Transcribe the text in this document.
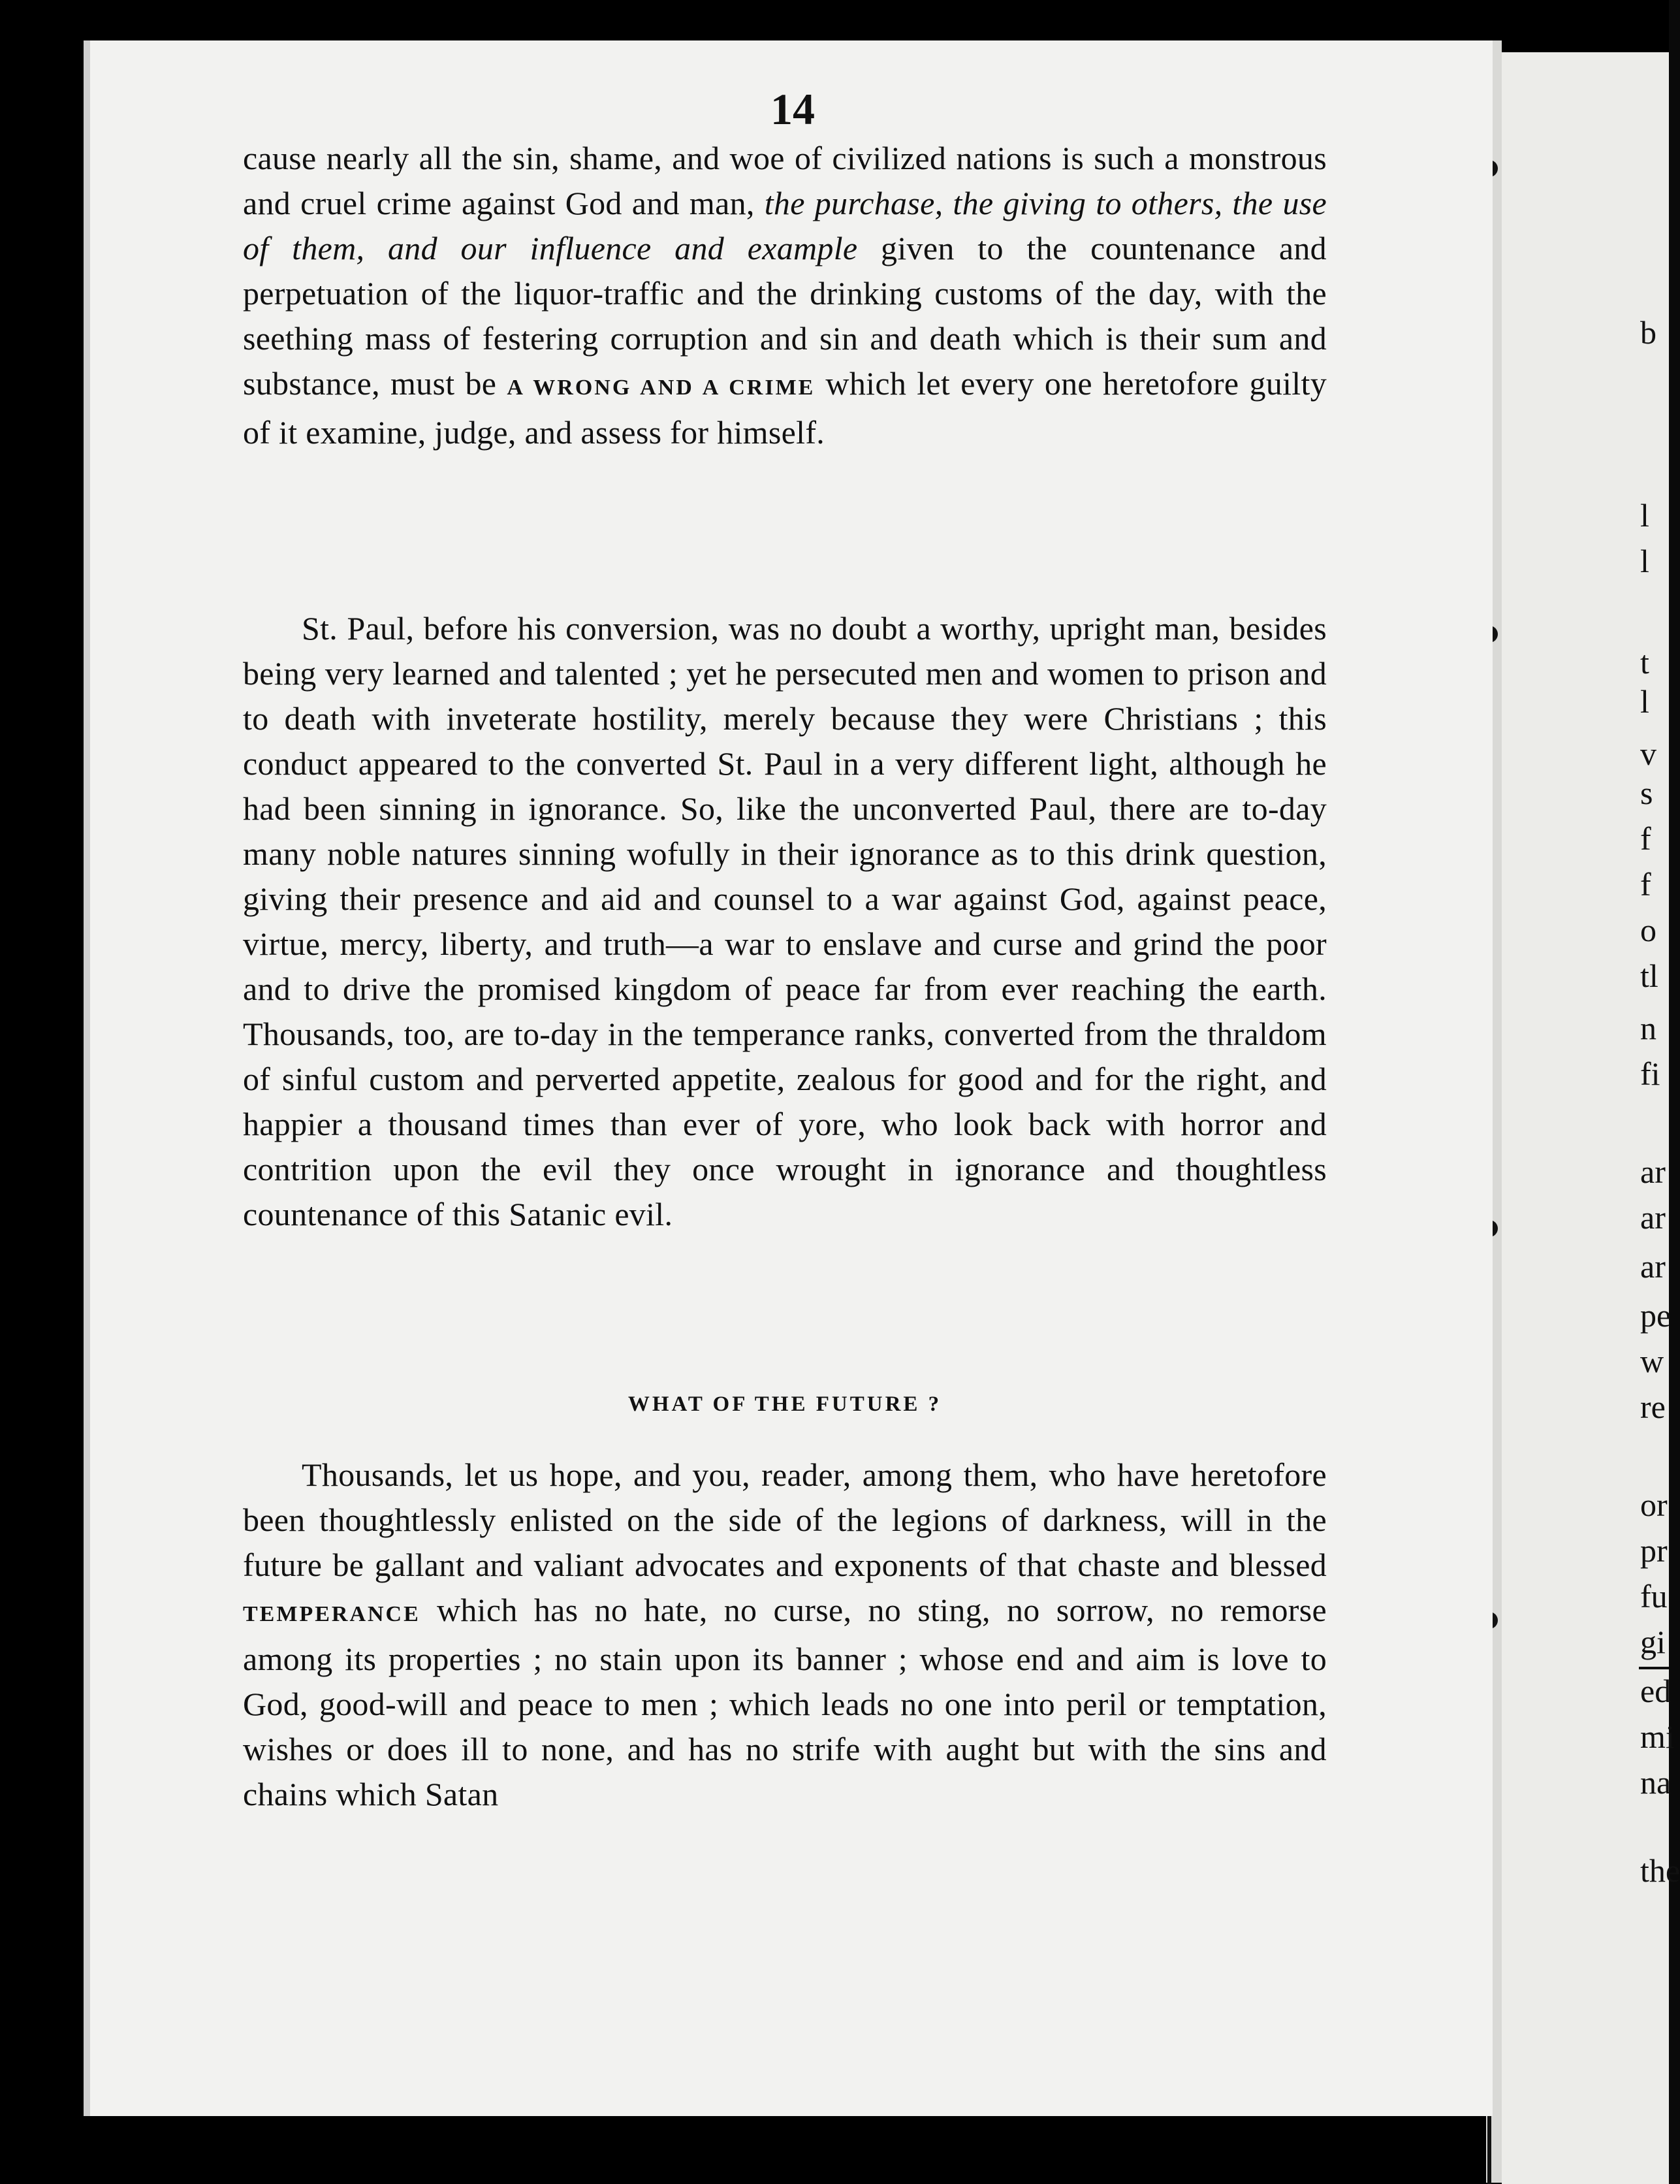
14

cause nearly all the sin, shame, and woe of civilized nations is such a monstrous and cruel crime against God and man, the purchase, the giving to others, the use of them, and our influence and example given to the countenance and perpetuation of the liquor-traffic and the drinking customs of the day, with the seething mass of festering corruption and sin and death which is their sum and substance, must be A WRONG AND A CRIME which let every one heretofore guilty of it examine, judge, and assess for himself.

St. Paul, before his conversion, was no doubt a worthy, upright man, besides being very learned and talented ; yet he persecuted men and women to prison and to death with inveterate hostility, merely because they were Christians ; this conduct appeared to the converted St. Paul in a very different light, although he had been sinning in ignorance. So, like the unconverted Paul, there are to-day many noble natures sinning wofully in their ignorance as to this drink question, giving their presence and aid and counsel to a war against God, against peace, virtue, mercy, liberty, and truth—a war to enslave and curse and grind the poor and to drive the promised kingdom of peace far from ever reaching the earth. Thousands, too, are to-day in the temperance ranks, converted from the thraldom of sinful custom and perverted appetite, zealous for good and for the right, and happier a thousand times than ever of yore, who look back with horror and contrition upon the evil they once wrought in ignorance and thoughtless countenance of this Satanic evil.

WHAT OF THE FUTURE ?

Thousands, let us hope, and you, reader, among them, who have heretofore been thoughtlessly enlisted on the side of the legions of darkness, will in the future be gallant and valiant advocates and exponents of that chaste and blessed TEMPERANCE which has no hate, no curse, no sting, no sorrow, no remorse among its properties ; no stain upon its banner ; whose end and aim is love to God, good-will and peace to men ; which leads no one into peril or temptation, wishes or does ill to none, and has no strife with aught but with the sins and chains which Satan

b
l
l
t
l
v
s
f
f
o
tl
n
fi
ar
ar
ar
pe
w
re
or
pr
fu
gi
ed
mi
na
the
